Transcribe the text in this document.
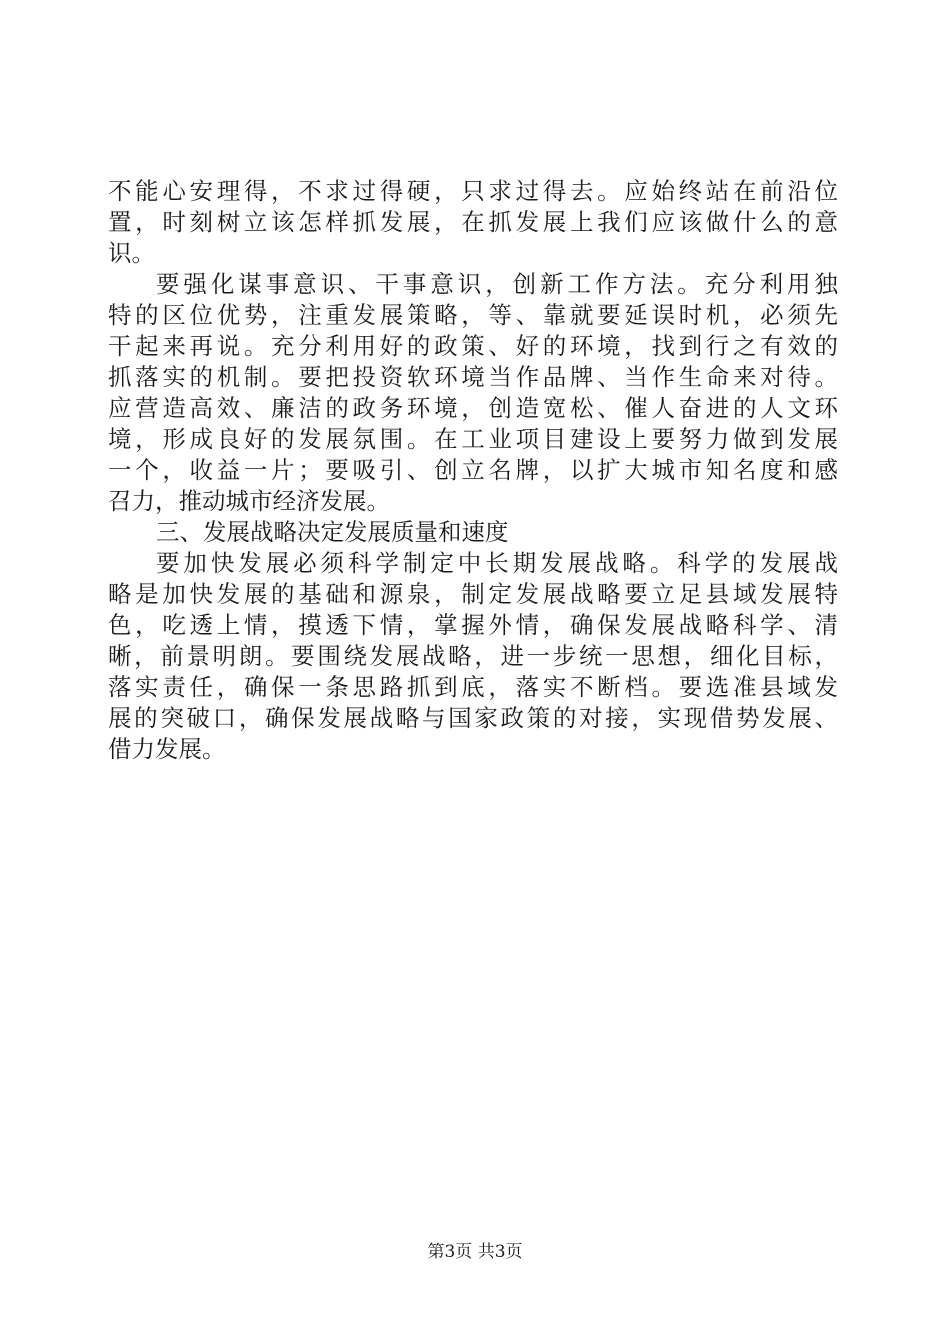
不能心安理得，不求过得硬，只求过得去。应始终站在前沿位
置，时刻树立该怎样抓发展，在抓发展上我们应该做什么的意
识。
要强化谋事意识、干事意识，创新工作方法。充分利用独
特的区位优势，注重发展策略，等、靠就要延误时机，必须先
干起来再说。充分利用好的政策、好的环境，找到行之有效的
抓落实的机制。要把投资软环境当作品牌、当作生命来对待。
应营造高效、廉洁的政务环境，创造宽松、催人奋进的人文环
境，形成良好的发展氛围。在工业项目建设上要努力做到发展
一个，收益一片；要吸引、创立名牌，以扩大城市知名度和感
召力，推动城市经济发展。
三、发展战略决定发展质量和速度
要加快发展必须科学制定中长期发展战略。科学的发展战
略是加快发展的基础和源泉，制定发展战略要立足县域发展特
色，吃透上情，摸透下情，掌握外情，确保发展战略科学、清
晰，前景明朗。要围绕发展战略，进一步统一思想，细化目标，
落实责任，确保一条思路抓到底，落实不断档。要选准县域发
展的突破口，确保发展战略与国家政策的对接，实现借势发展、
借力发展。
第3页 共3页
